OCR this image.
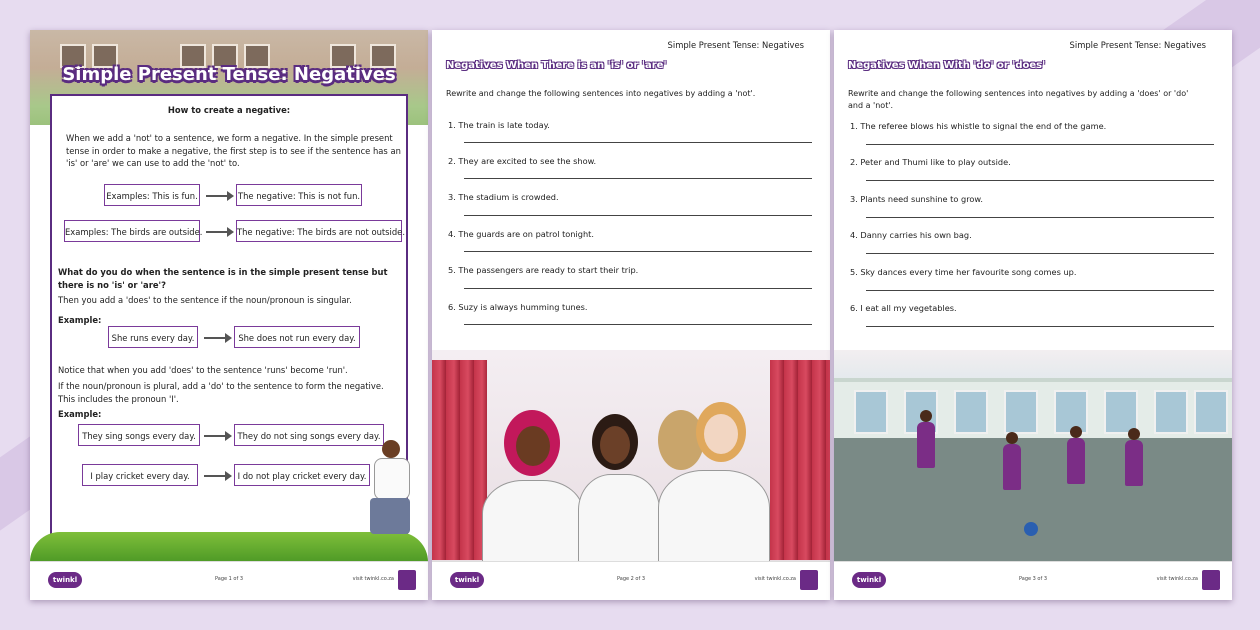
Simple Present Tense: Negatives
How to create a negative:
When we add a 'not' to a sentence, we form a negative. In the simple present tense in order to make a negative, the first step is to see if the sentence has an 'is' or 'are' we can use to add the 'not' to.
Examples: This is fun.	The negative: This is not fun.
Examples: The birds are outside.	The negative: The birds are not outside.
What do you do when the sentence is in the simple present tense but there is no 'is' or 'are'?
Then you add a 'does' to the sentence if the noun/pronoun is singular.
Example:
She runs every day.	She does not run every day.
Notice that when you add 'does' to the sentence 'runs' become 'run'.
If the noun/pronoun is plural, add a 'do' to the sentence to form the negative. This includes the pronoun 'I'.
Example:
They sing songs every day.	They do not sing songs every day.
I play cricket every day.	I do not play cricket every day.
twinkl	Page 1 of 3	visit twinkl.co.za
Simple Present Tense: Negatives
Negatives When There is an 'is' or 'are'
Rewrite and change the following sentences into negatives by adding a 'not'.
1. The train is late today.
2. They are excited to see the show.
3. The stadium is crowded.
4. The guards are on patrol tonight.
5. The passengers are ready to start their trip.
6. Suzy is always humming tunes.
twinkl	Page 2 of 3	visit twinkl.co.za
Simple Present Tense: Negatives
Negatives When With 'do' or 'does'
Rewrite and change the following sentences into negatives by adding a 'does' or 'do' and a 'not'.
1. The referee blows his whistle to signal the end of the game.
2. Peter and Thumi like to play outside.
3. Plants need sunshine to grow.
4. Danny carries his own bag.
5. Sky dances every time her favourite song comes up.
6. I eat all my vegetables.
twinkl	Page 3 of 3	visit twinkl.co.za
